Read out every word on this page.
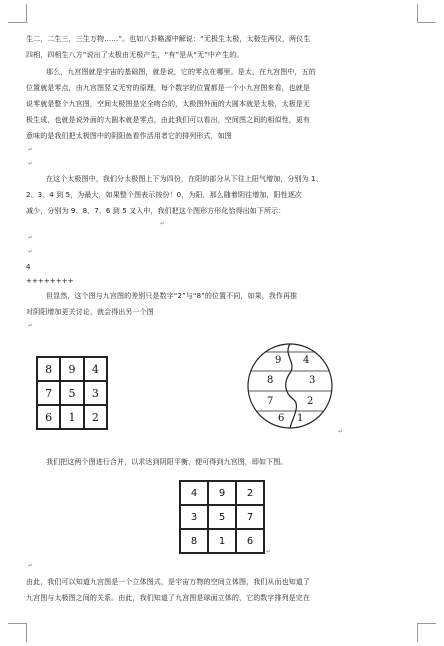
生二，二生三，三生万物……”。也如八卦略源中解说：“无极生太极，太极生两仪，两仪生
四相，四相生八方”说出了太极由无极产生，“有”是从“无”中产生的。
那么，九宫图就是宇宙的基础图，就是说，它的零点在哪里。是太，在九宫图中，五的
位置就是零点，由九宫图竖又无穷的原理，每个数字的位置都是一个小九宫图来看，也就是
说零就是整个九宫图，空间太极图是完全吻合的，太极图外面的大圆本就是太极，太极是无
极生成，也就是说外面的大圆本就是零点，由此我们可以看出，空间图之间的相似性，更有
意味的是我们把太极图中的阴阳鱼看作活用者它的排列形式，如图
↵
↵
在这个太极图中，我们分太极图上下为四份，在阳的部分从下往上阳气增加，分别为 1、
2、3、4 到 5，为最大，如果整个图表示按份！0，为阳，那么随着阴往增加，阳性逐次
减少，分别为 9、8、7、6 到 5 又入中，我们把这个图形方形化恰得出如下所示：
↵
↵
↵
4
++++++++
但显然，这个图与九宫图的差别只是数字“2”与“8”的位置不同，如果，我作再推
对阴阳增加更关讨论，就会得出另一个图
↵
8	9	4
7	5	3
6	1	2
9 4
8	3
7	2
6 1
↵
我们把这两个图进行合并，以求达到阴阳平衡，便可得到九宫图，即如下图。
4	9	2
3	5	7
8	1	6
↵
↵
由此，我们可以知道九宫图是一个立体图式，是宇宙万物的空间立体图，我们从而也知道了
九宫图与太极图之间的关系。由此，我们知道了九宫图是球面立体的，它的数字排列是完在
